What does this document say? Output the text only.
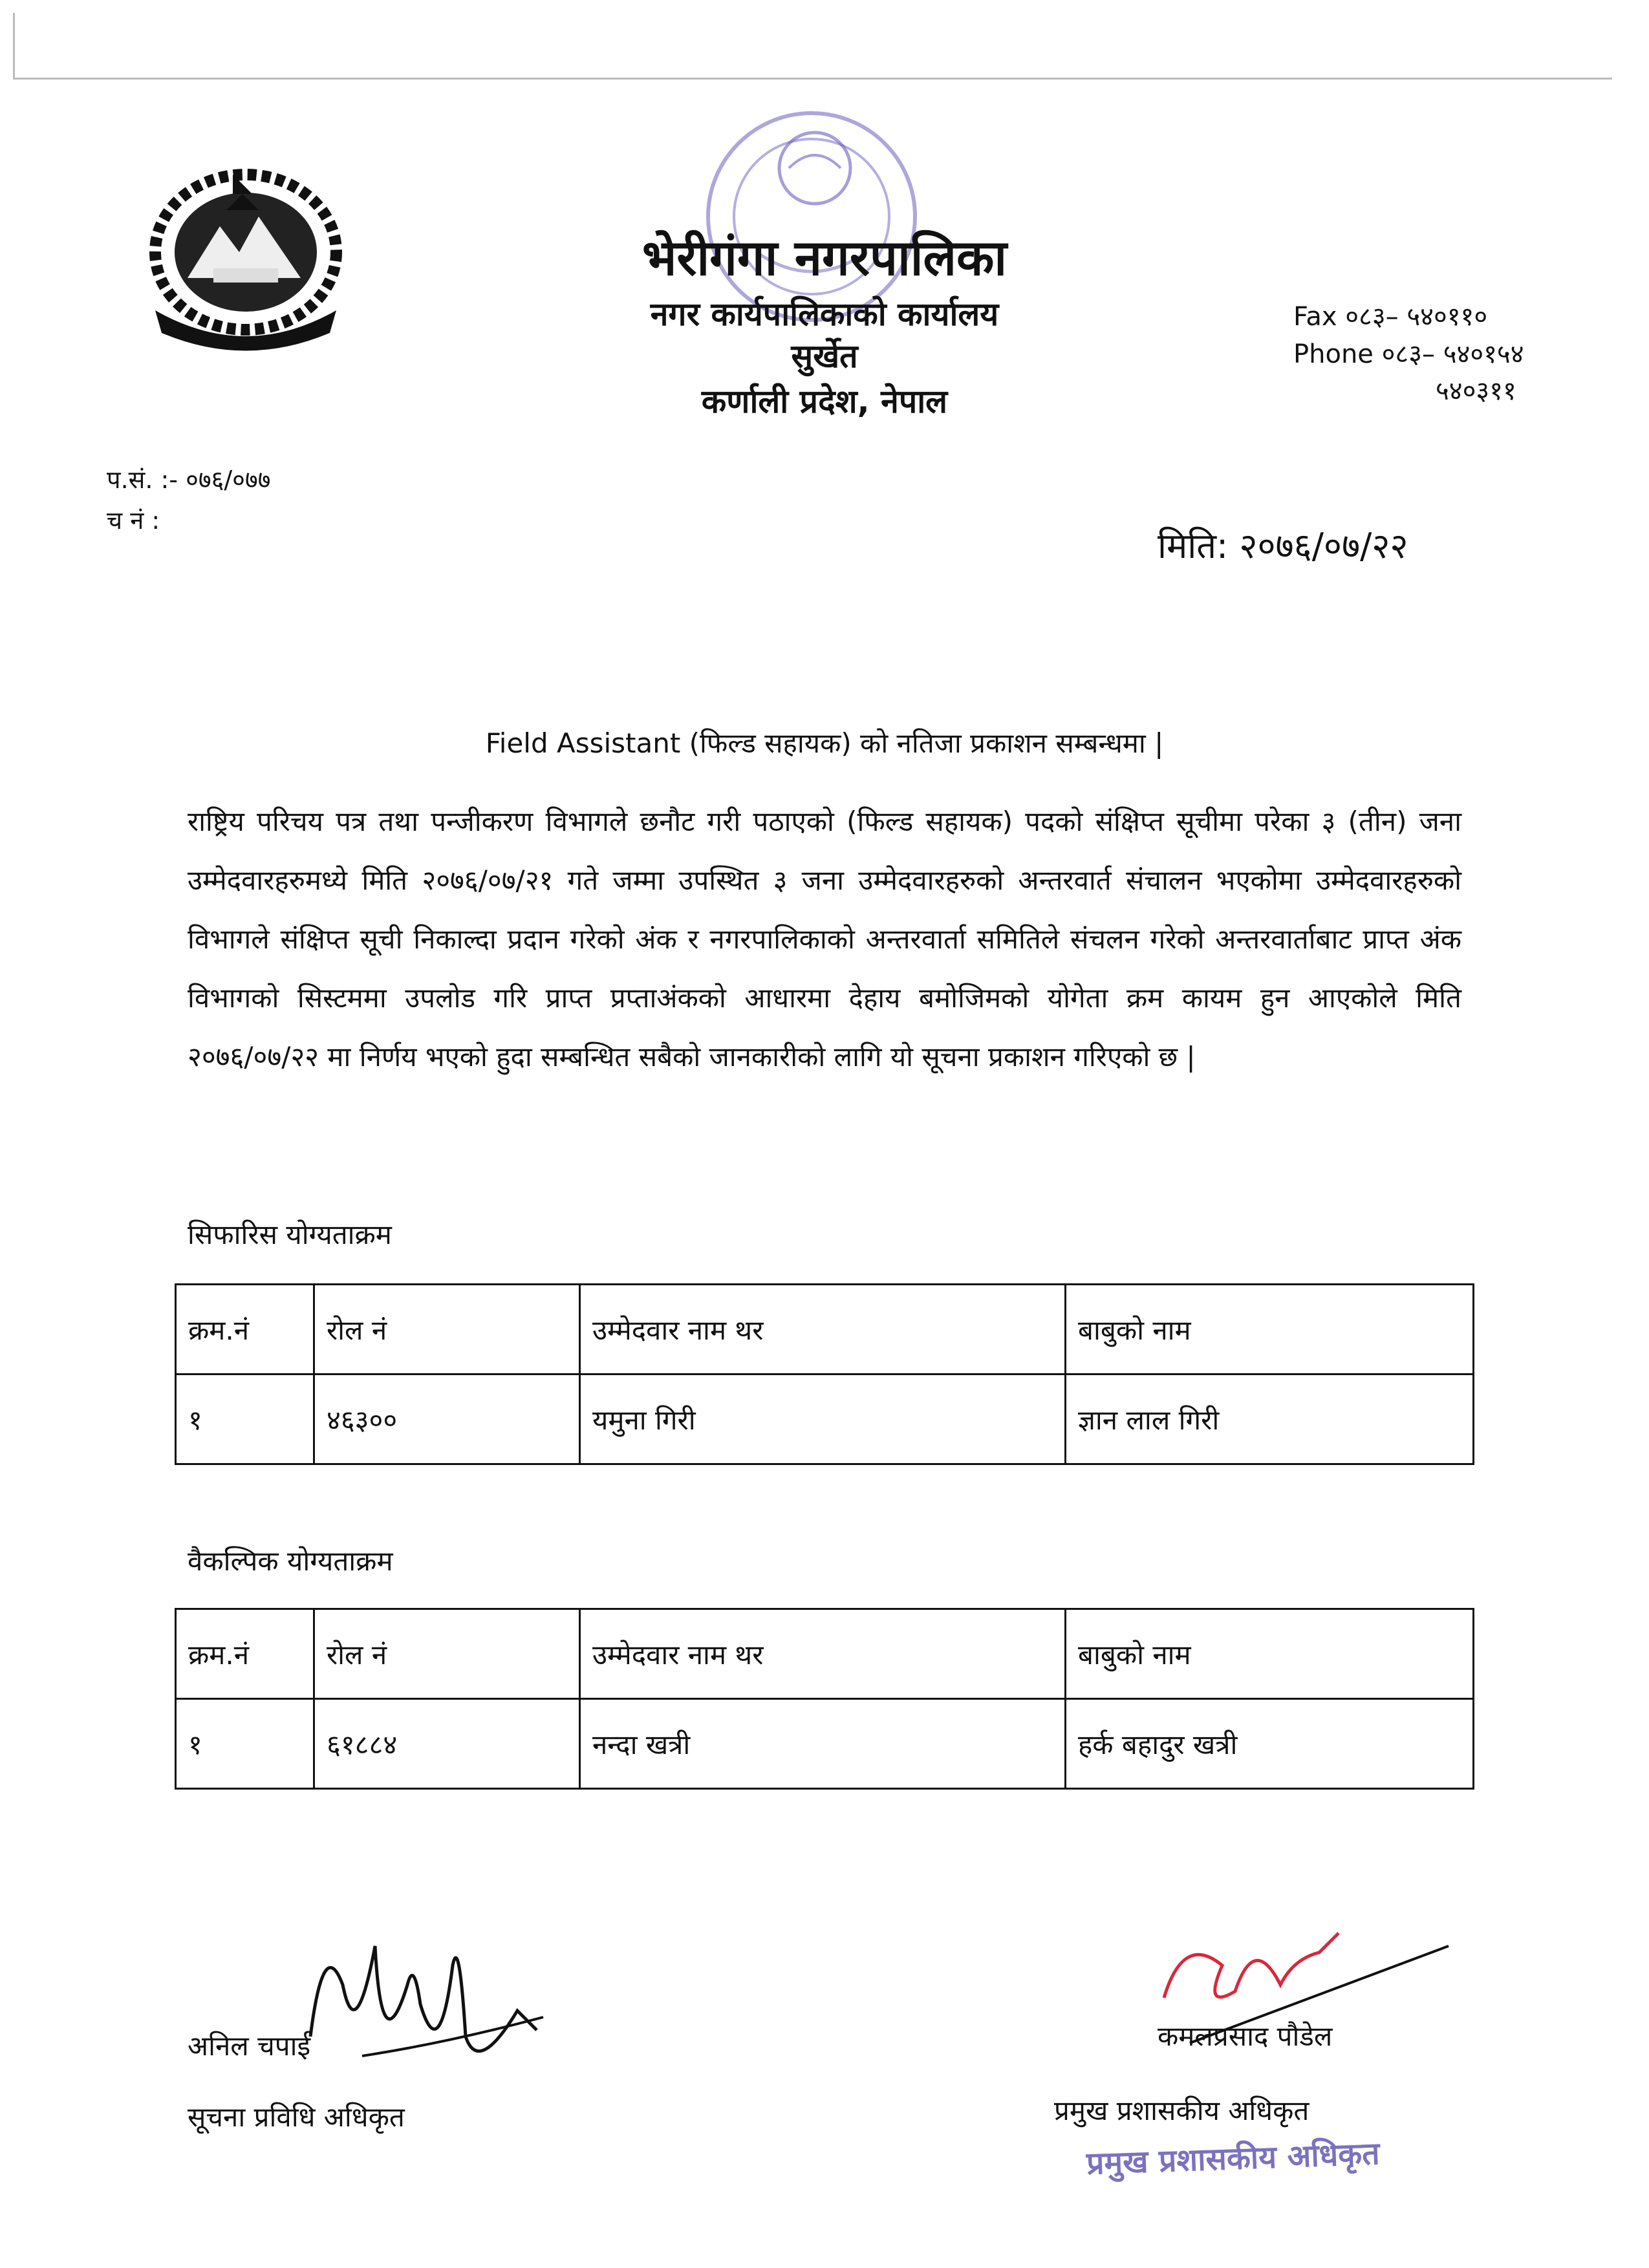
भेरीगंगा नगरपालिका
नगर कार्यपालिकाको कार्यालय
सुर्खेत
कर्णाली प्रदेश, नेपाल
Fax ०८३– ५४०११०
Phone ०८३– ५४०१५४
५४०३११
प.सं. :- ०७६/०७७
च नं :
मिति: २०७६/०७/२२
Field Assistant (फिल्ड सहायक) को नतिजा प्रकाशन सम्बन्धमा |
राष्ट्रिय परिचय पत्र तथा पन्जीकरण विभागले छनौट गरी पठाएको (फिल्ड सहायक) पदको संक्षिप्त सूचीमा परेका ३ (तीन) जना उम्मेदवारहरुमध्ये मिति २०७६/०७/२१ गते जम्मा उपस्थित ३ जना उम्मेदवारहरुको अन्तरवार्त संचालन भएकोमा उम्मेदवारहरुको विभागले संक्षिप्त सूची निकाल्दा प्रदान गरेको अंक र नगरपालिकाको अन्तरवार्ता समितिले संचलन गरेको अन्तरवार्ताबाट प्राप्त अंक विभागको सिस्टममा उपलोड गरि प्राप्त प्रप्ताअंकको आधारमा देहाय बमोजिमको योगेता क्रम कायम हुन आएकोले मिति २०७६/०७/२२ मा निर्णय भएको हुदा सम्बन्धित सबैको जानकारीको लागि यो सूचना प्रकाशन गरिएको छ |
सिफारिस योग्यताक्रम
क्रम.नं	रोल नं	उम्मेदवार नाम थर	बाबुको नाम
१	४६३००	यमुना गिरी	ज्ञान लाल गिरी
वैकल्पिक योग्यताक्रम
क्रम.नं	रोल नं	उम्मेदवार नाम थर	बाबुको नाम
१	६१८८४	नन्दा खत्री	हर्क बहादुर खत्री
अनिल चपाई	कमलप्रसाद पौडेल
सूचना प्रविधि अधिकृत	प्रमुख प्रशासकीय अधिकृत
प्रमुख प्रशासकीय अधिकृत
